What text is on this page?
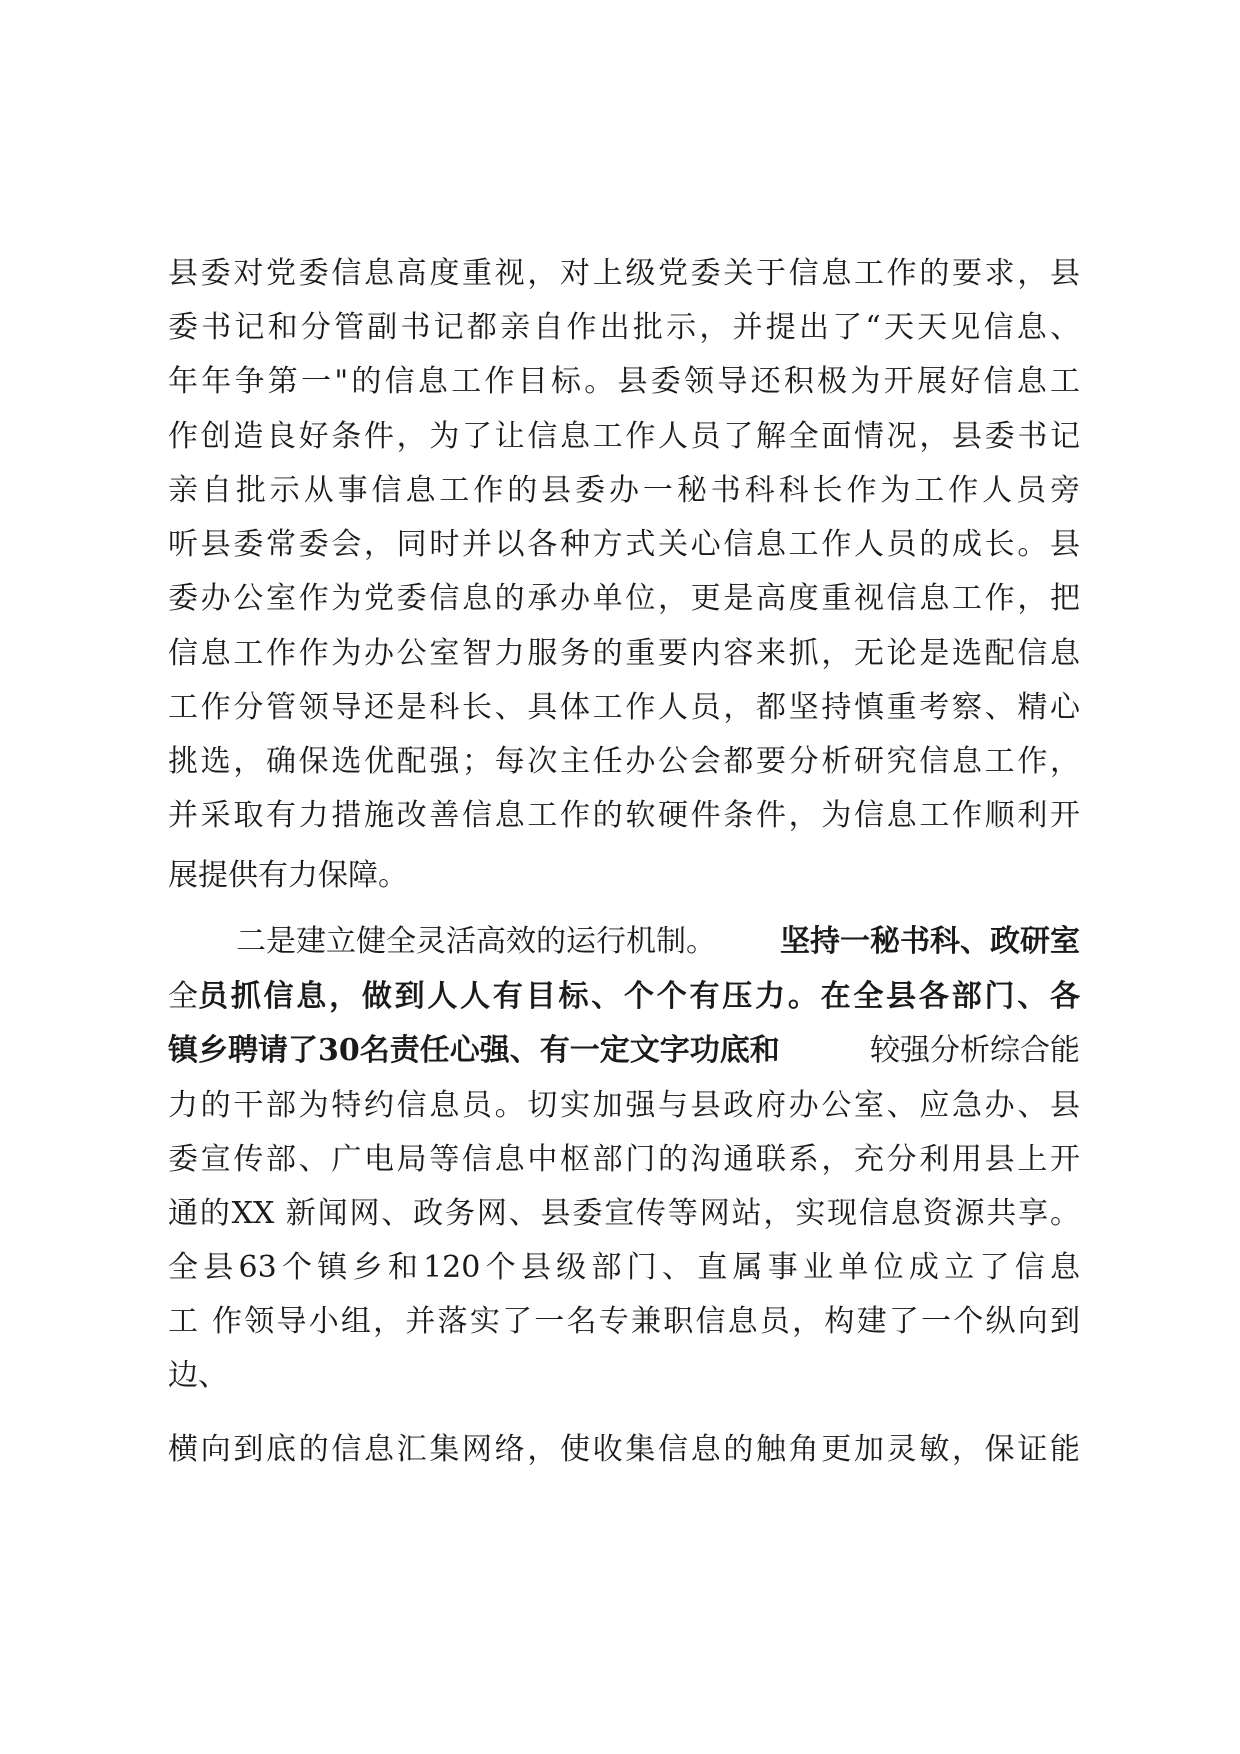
县委对党委信息高度重视，对上级党委关于信息工作的要求，县
委书记和分管副书记都亲自作出批示，并提出了“天天见信息、
年年争第一"的信息工作目标。县委领导还积极为开展好信息工
作创造良好条件，为了让信息工作人员了解全面情况，县委书记
亲自批示从事信息工作的县委办一秘书科科长作为工作人员旁
听县委常委会，同时并以各种方式关心信息工作人员的成长。县
委办公室作为党委信息的承办单位，更是高度重视信息工作，把
信息工作作为办公室智力服务的重要内容来抓，无论是选配信息
工作分管领导还是科长、具体工作人员，都坚持慎重考察、精心
挑选，确保选优配强；每次主任办公会都要分析研究信息工作，
并采取有力措施改善信息工作的软硬件条件，为信息工作顺利开
展提供有力保障。
二是建立健全灵活高效的运行机制。 坚持一秘书科、政研室
全 员抓信息，做到人人有目标、个个有压力。在全县各部门、各
镇乡聘请了30名责任心强、有一定文字功底和	较强分析综合能
力的干部为特约信息员。切实加强与县政府办公室、应急办、县
委宣传部、广电局等信息中枢部门的沟通联系，充分利用县上开
通的XX 新闻网、政务网、县委宣传等网站，实现信息资源共享。
全县63个镇乡和120个县级部门、直属事业单位成立了信息
工 作领导小组，并落实了一名专兼职信息员，构建了一个纵向到
边、
横向到底的信息汇集网络，使收集信息的触角更加灵敏，保证能
